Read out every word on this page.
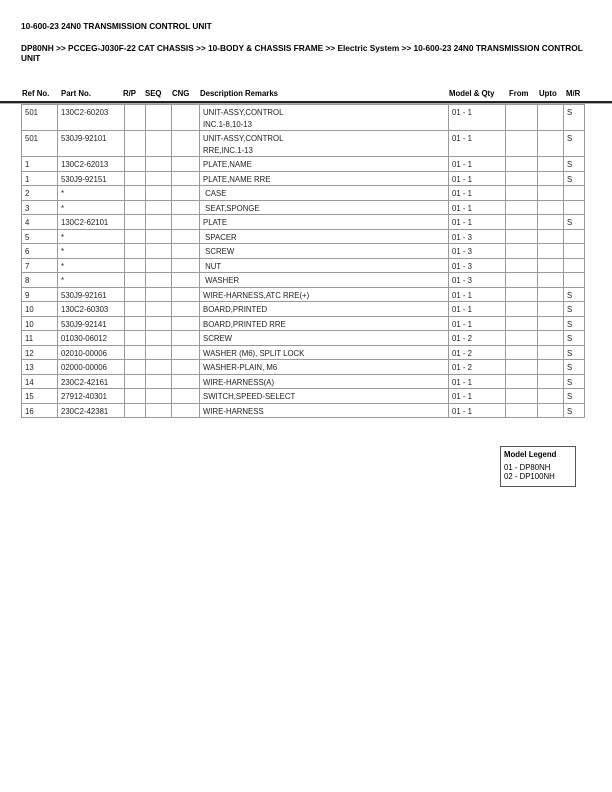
10-600-23 24N0 TRANSMISSION CONTROL UNIT
DP80NH >> PCCEG-J030F-22 CAT CHASSIS >> 10-BODY & CHASSIS FRAME >> Electric System >> 10-600-23 24N0 TRANSMISSION CONTROL UNIT
Ref No. Part No.	R/P SEQ CNG Description Remarks	Model & Qty From Upto M/R
501	130C2-60203				UNIT-ASSY,CONTROL
INC.1-8,10-13	01 - 1			S
501	530J9-92101				UNIT-ASSY,CONTROL
RRE,INC.1-13	01 - 1			S
1	130C2-62013				PLATE,NAME	01 - 1			S
1	530J9-92151				PLATE,NAME RRE	01 - 1			S
2	*				CASE	01 - 1			
3	*				SEAT,SPONGE	01 - 1			
4	130C2-62101				PLATE	01 - 1			S
5	*				SPACER	01 - 3			
6	*				SCREW	01 - 3			
7	*				NUT	01 - 3			
8	*				WASHER	01 - 3			
9	530J9-92161				WIRE-HARNESS,ATC RRE(+)	01 - 1			S
10	130C2-60303				BOARD,PRINTED	01 - 1			S
10	530J9-92141				BOARD,PRINTED RRE	01 - 1			S
11	01030-06012				SCREW	01 - 2			S
12	02010-00006				WASHER (M6), SPLIT LOCK	01 - 2			S
13	02000-00006				WASHER-PLAIN, M6	01 - 2			S
14	230C2-42161				WIRE-HARNESS(A)	01 - 1			S
15	27912-40301				SWITCH,SPEED-SELECT	01 - 1			S
16	230C2-42381				WIRE-HARNESS	01 - 1			S
Model Legend
01 - DP80NH
02 - DP100NH
